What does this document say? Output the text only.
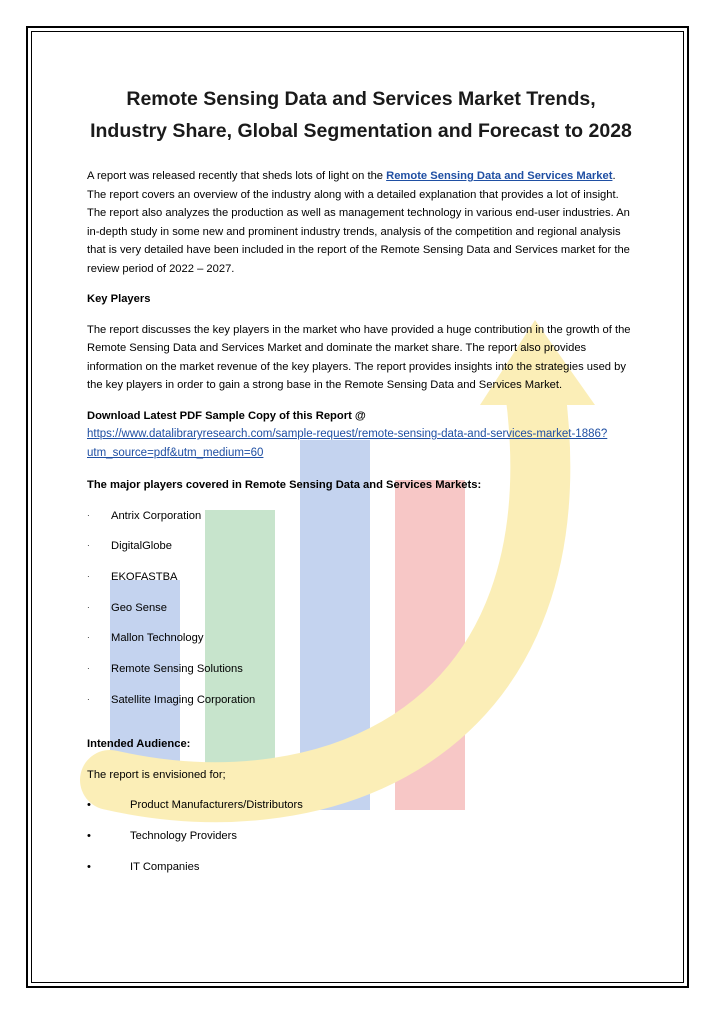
Remote Sensing Data and Services Market Trends, Industry Share, Global Segmentation and Forecast to 2028

A report was released recently that sheds lots of light on the Remote Sensing Data and Services Market. The report covers an overview of the industry along with a detailed explanation that provides a lot of insight. The report also analyzes the production as well as management technology in various end-user industries. An in-depth study in some new and prominent industry trends, analysis of the competition and regional analysis that is very detailed have been included in the report of the Remote Sensing Data and Services market for the review period of 2022 – 2027.

Key Players

The report discusses the key players in the market who have provided a huge contribution in the growth of the Remote Sensing Data and Services Market and dominate the market share. The report also provides information on the market revenue of the key players. The report provides insights into the strategies used by the key players in order to gain a strong base in the Remote Sensing Data and Services Market.

Download Latest PDF Sample Copy of this Report @
https://www.datalibraryresearch.com/sample-request/remote-sensing-data-and-services-market-1886?utm_source=pdf&utm_medium=60

The major players covered in Remote Sensing Data and Services Markets:

·	Antrix Corporation
·	DigitalGlobe
·	EKOFASTBA
·	Geo Sense
·	Mallon Technology
·	Remote Sensing Solutions
·	Satellite Imaging Corporation

Intended Audience:

The report is envisioned for;

•	Product Manufacturers/Distributors
•	Technology Providers
•	IT Companies
